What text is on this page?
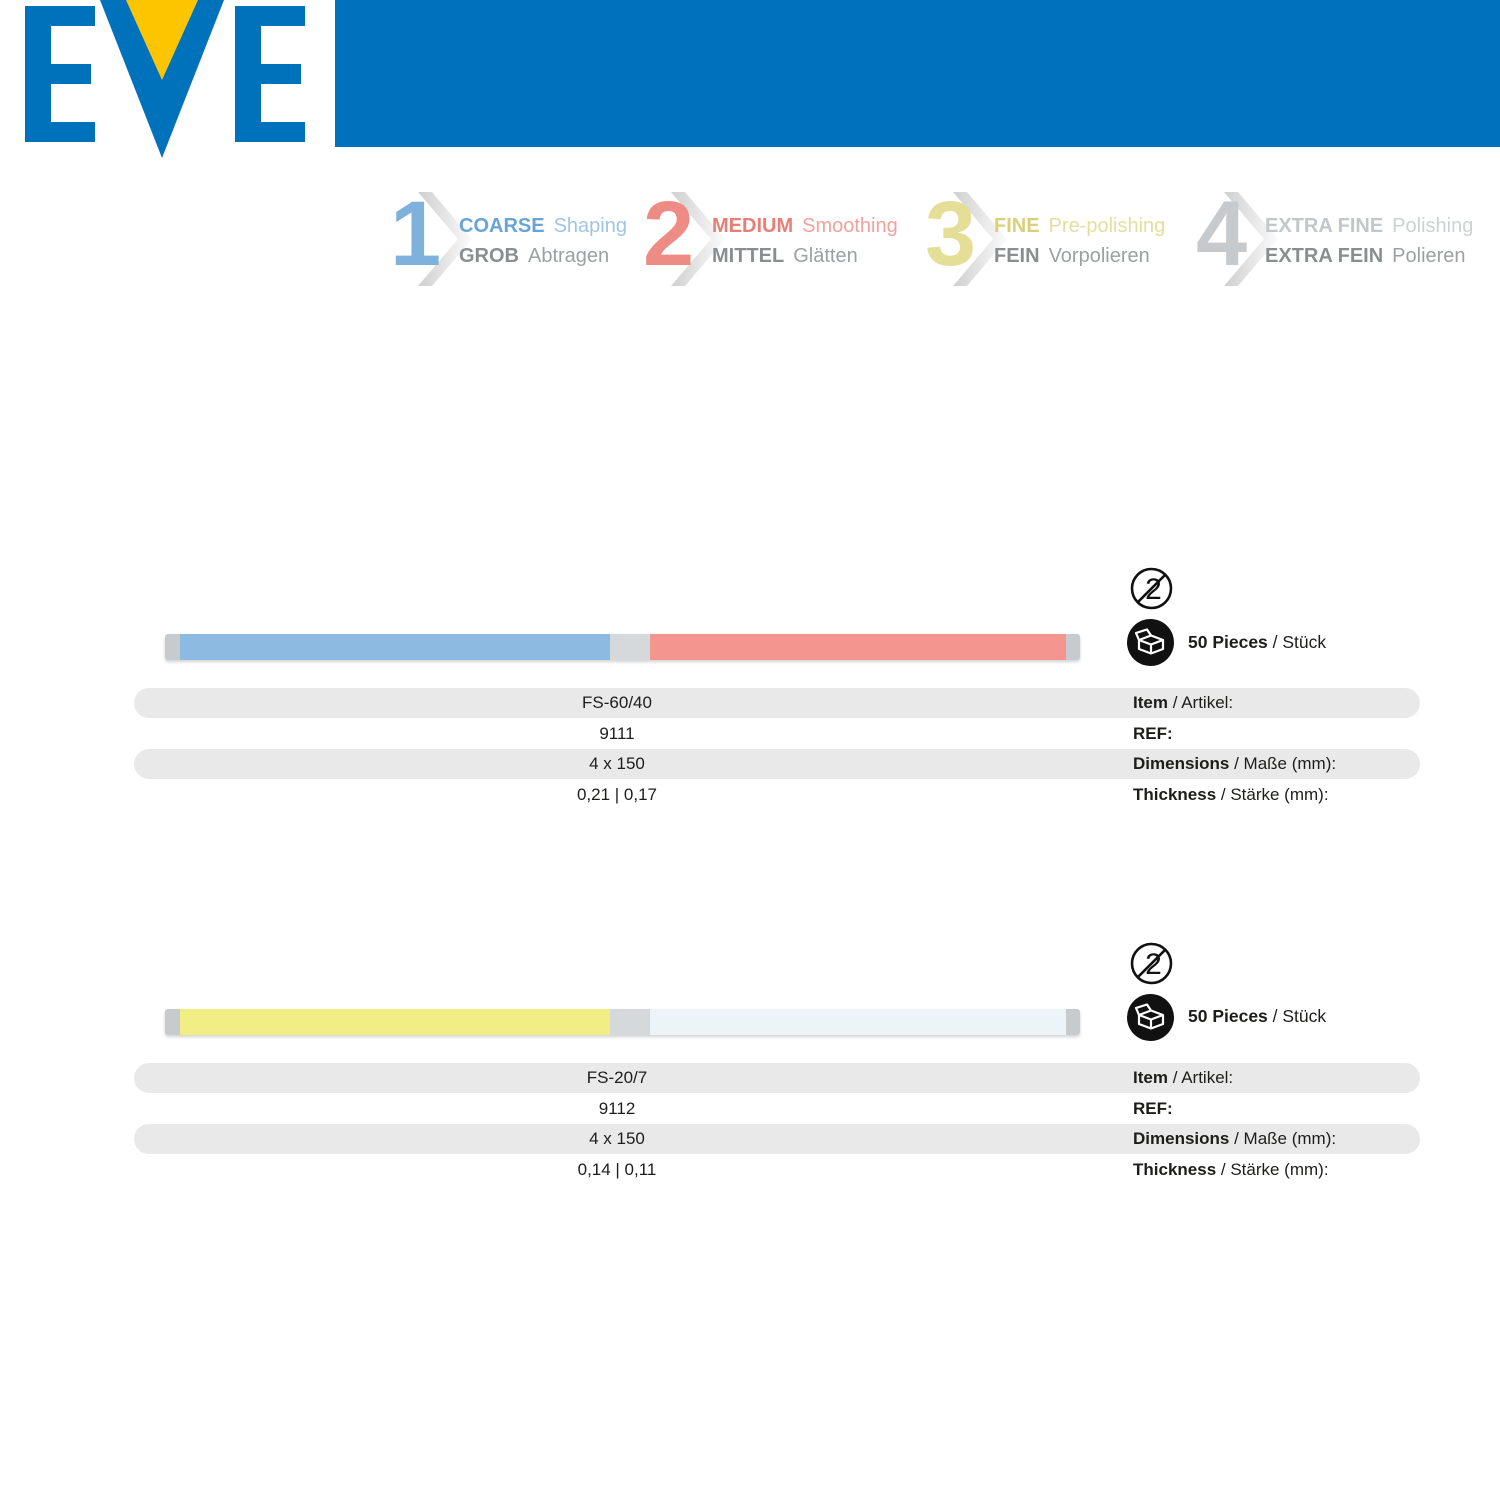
1 COARSE Shaping
GROB Abtragen 2 MEDIUM Smoothing
MITTEL Glätten 3 FINE Pre-polishing
FEIN Vorpolieren 4 EXTRA FINE Polishing
EXTRA FEIN Polieren
2
50 Pieces / Stück
FS-60/40	Item / Artikel:
9111	REF:
4 x 150	Dimensions / Maße (mm):
0,21 | 0,17	Thickness / Stärke (mm):
2
50 Pieces / Stück
FS-20/7	Item / Artikel:
9112	REF:
4 x 150	Dimensions / Maße (mm):
0,14 | 0,11	Thickness / Stärke (mm):
